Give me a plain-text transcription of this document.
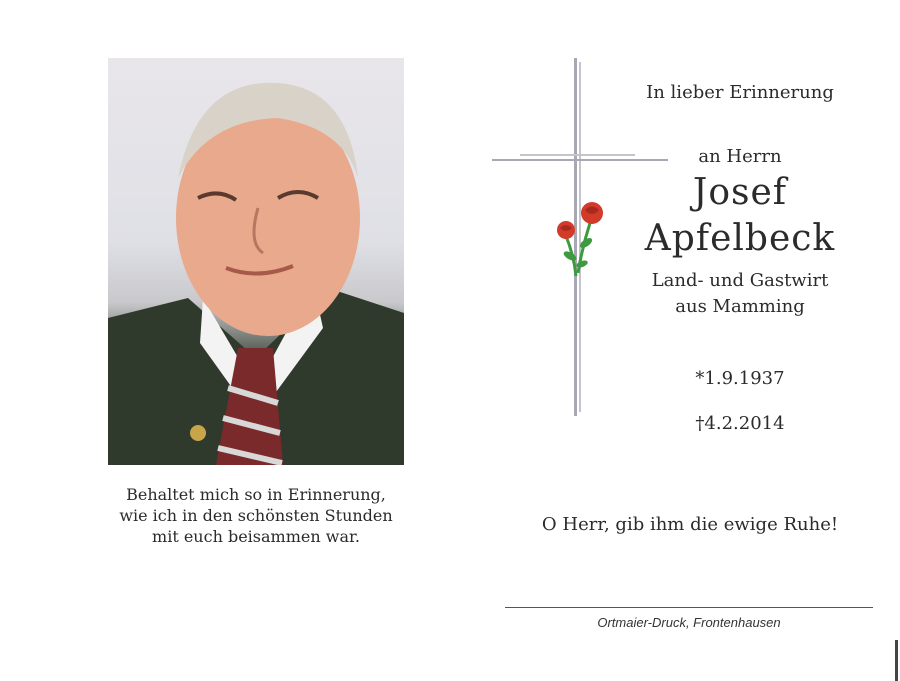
Behaltet mich so in Erinnerung,
wie ich in den schönsten Stunden
mit euch beisammen war.
In lieber Erinnerung
an Herrn
Josef
Apfelbeck
Land- und Gastwirt
aus Mamming
*1.9.1937
†4.2.2014
O Herr, gib ihm die ewige Ruhe!
Ortmaier-Druck, Frontenhausen
